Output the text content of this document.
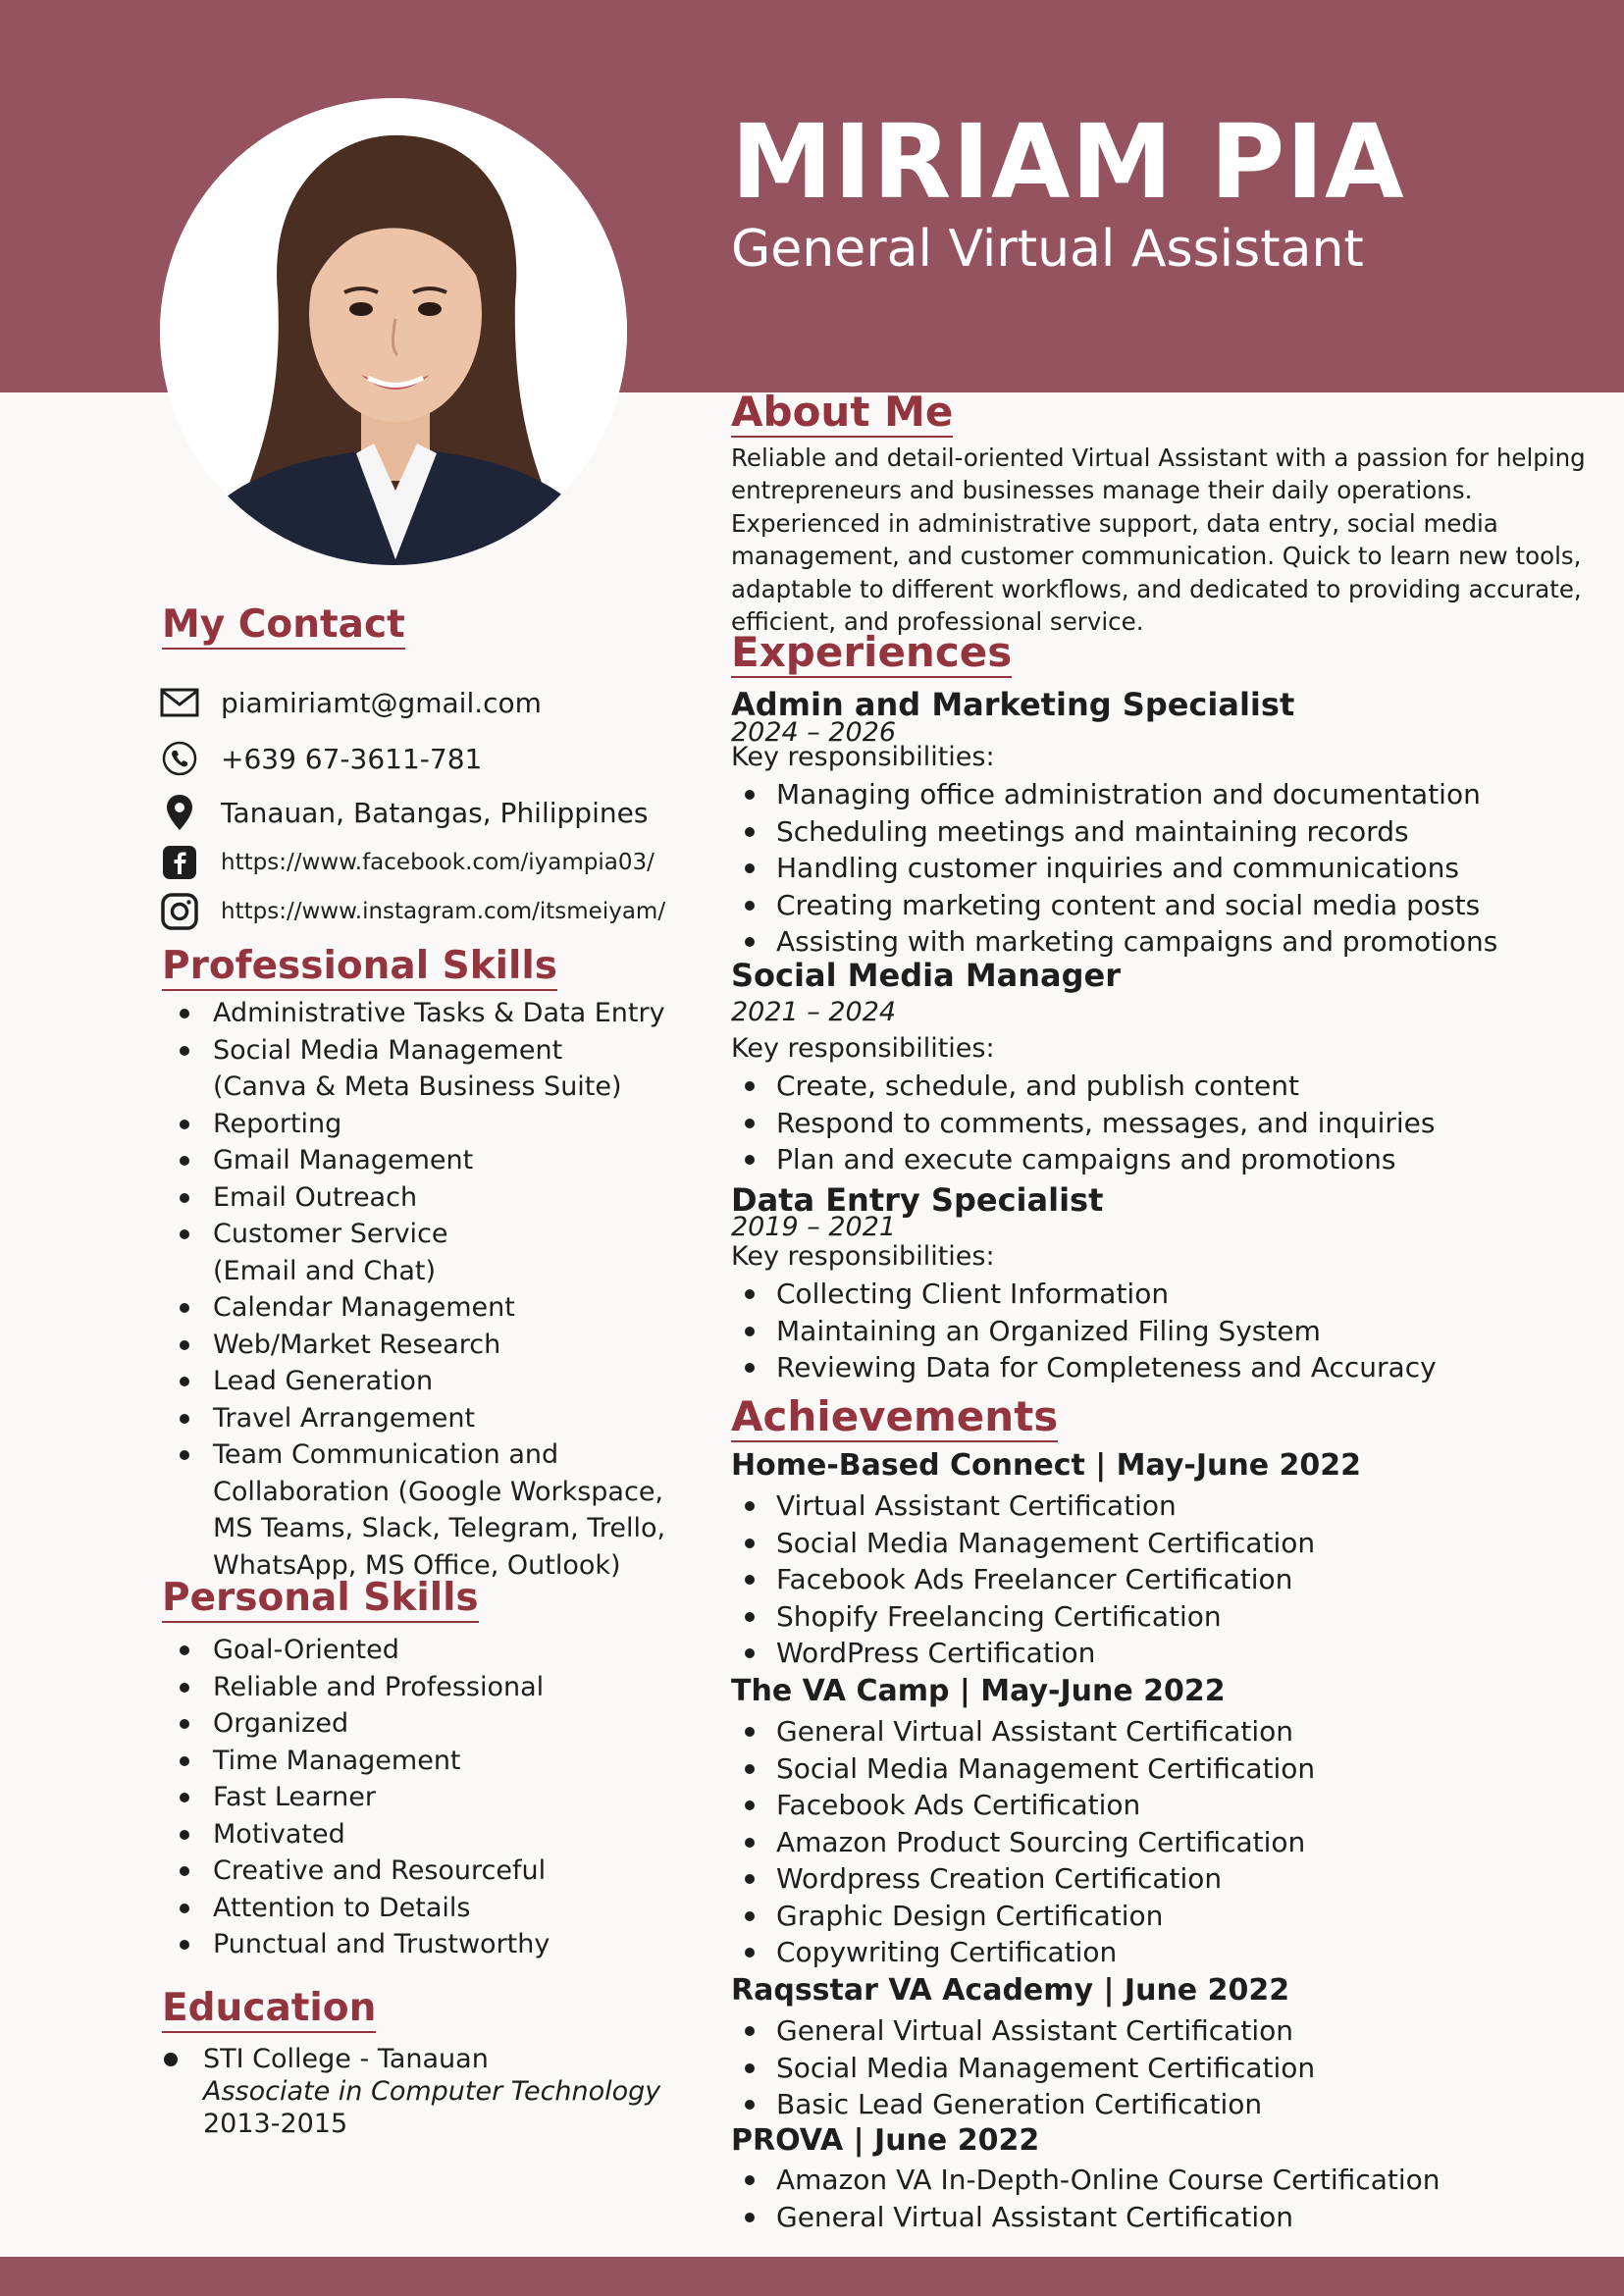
MIRIAM PIA
General Virtual Assistant
My Contact
piamiriamt@gmail.com
+639 67-3611-781
Tanauan, Batangas, Philippines
https://www.facebook.com/iyampia03/
https://www.instagram.com/itsmeiyam/
Professional Skills
Administrative Tasks & Data Entry
Social Media Management
(Canva & Meta Business Suite)
Reporting
Gmail Management
Email Outreach
Customer Service
(Email and Chat)
Calendar Management
Web/Market Research
Lead Generation
Travel Arrangement
Team Communication and
Collaboration (Google Workspace,
MS Teams, Slack, Telegram, Trello,
WhatsApp, MS Office, Outlook)
Personal Skills
Goal-Oriented
Reliable and Professional
Organized
Time Management
Fast Learner
Motivated
Creative and Resourceful
Attention to Details
Punctual and Trustworthy
Education
STI College - Tanauan
Associate in Computer Technology
2013-2015
About Me

Reliable and detail-oriented Virtual Assistant with a passion for helping
entrepreneurs and businesses manage their daily operations.
Experienced in administrative support, data entry, social media
management, and customer communication. Quick to learn new tools,
adaptable to different workflows, and dedicated to providing accurate,
efficient, and professional service.

Experiences
Admin and Marketing Specialist
2024 – 2026
Key responsibilities:
Managing office administration and documentation
Scheduling meetings and maintaining records
Handling customer inquiries and communications
Creating marketing content and social media posts
Assisting with marketing campaigns and promotions
Social Media Manager
2021 – 2024
Key responsibilities:
Create, schedule, and publish content
Respond to comments, messages, and inquiries
Plan and execute campaigns and promotions
Data Entry Specialist
2019 – 2021
Key responsibilities:
Collecting Client Information
Maintaining an Organized Filing System
Reviewing Data for Completeness and Accuracy
Achievements
Home-Based Connect | May-June 2022
Virtual Assistant Certification
Social Media Management Certification
Facebook Ads Freelancer Certification
Shopify Freelancing Certification
WordPress Certification
The VA Camp | May-June 2022
General Virtual Assistant Certification
Social Media Management Certification
Facebook Ads Certification
Amazon Product Sourcing Certification
Wordpress Creation Certification
Graphic Design Certification
Copywriting Certification
Raqsstar VA Academy | June 2022
General Virtual Assistant Certification
Social Media Management Certification
Basic Lead Generation Certification
PROVA | June 2022
Amazon VA In-Depth-Online Course Certification
General Virtual Assistant Certification
